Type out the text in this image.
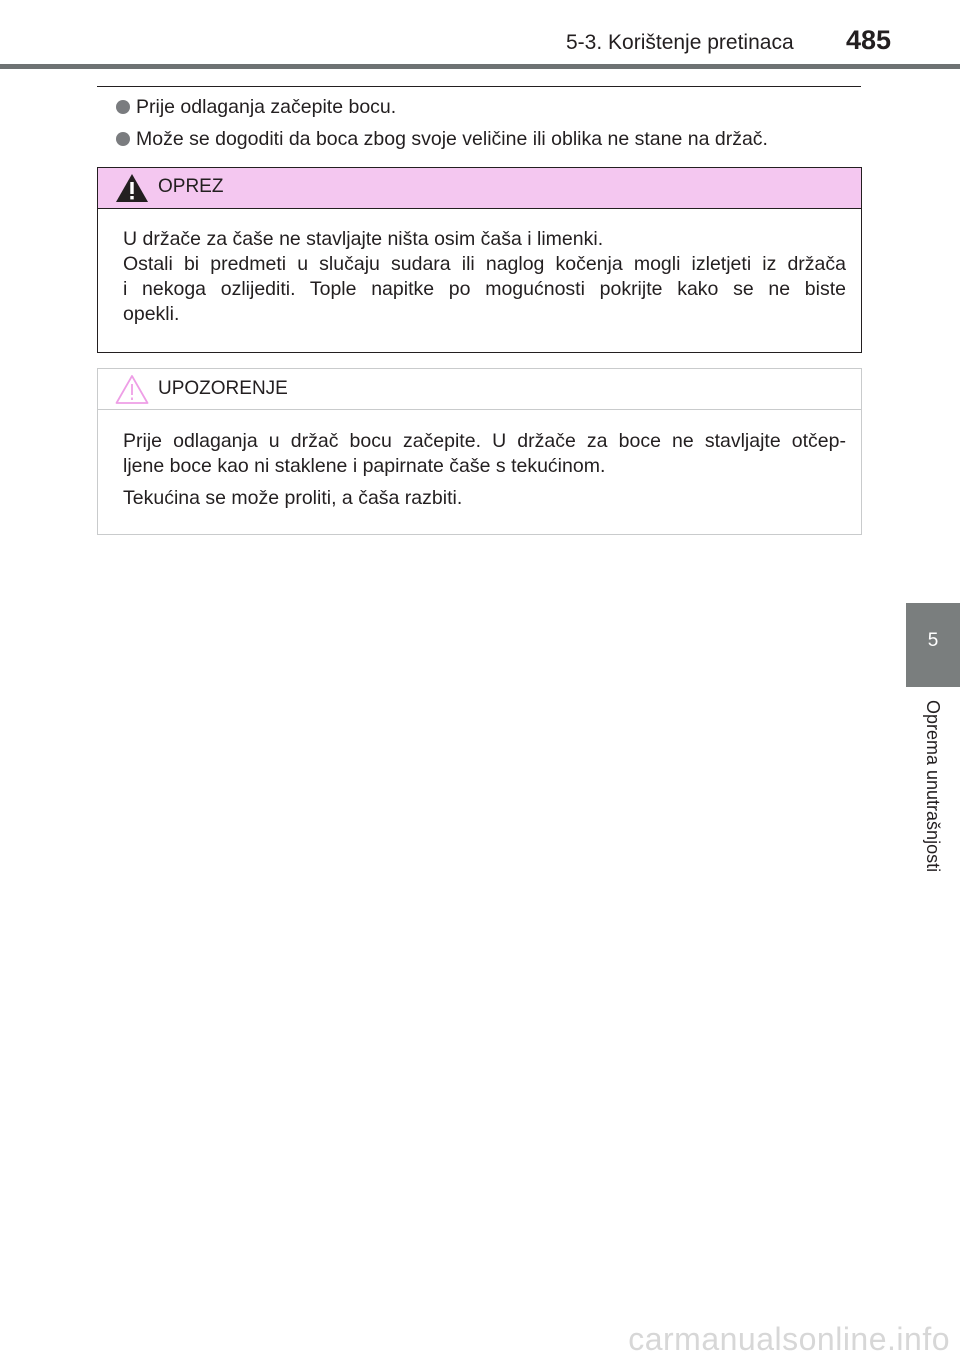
5-3. Korištenje pretinaca 485
Prije odlaganja začepite bocu.
Može se dogoditi da boca zbog svoje veličine ili oblika ne stane na držač.
OPREZ
U držače za čaše ne stavljajte ništa osim čaša i limenki.
Ostali bi predmeti u slučaju sudara ili naglog kočenja mogli izletjeti iz držača
i nekoga ozlijediti. Tople napitke po mogućnosti pokrijte kako se ne biste
opekli.
UPOZORENJE
Prije odlaganja u držač bocu začepite. U držače za boce ne stavljajte otčep-
ljene boce kao ni staklene i papirnate čaše s tekućinom.
Tekućina se može proliti, a čaša razbiti.
5
Oprema unutrašnjosti
carmanualsonline.info
